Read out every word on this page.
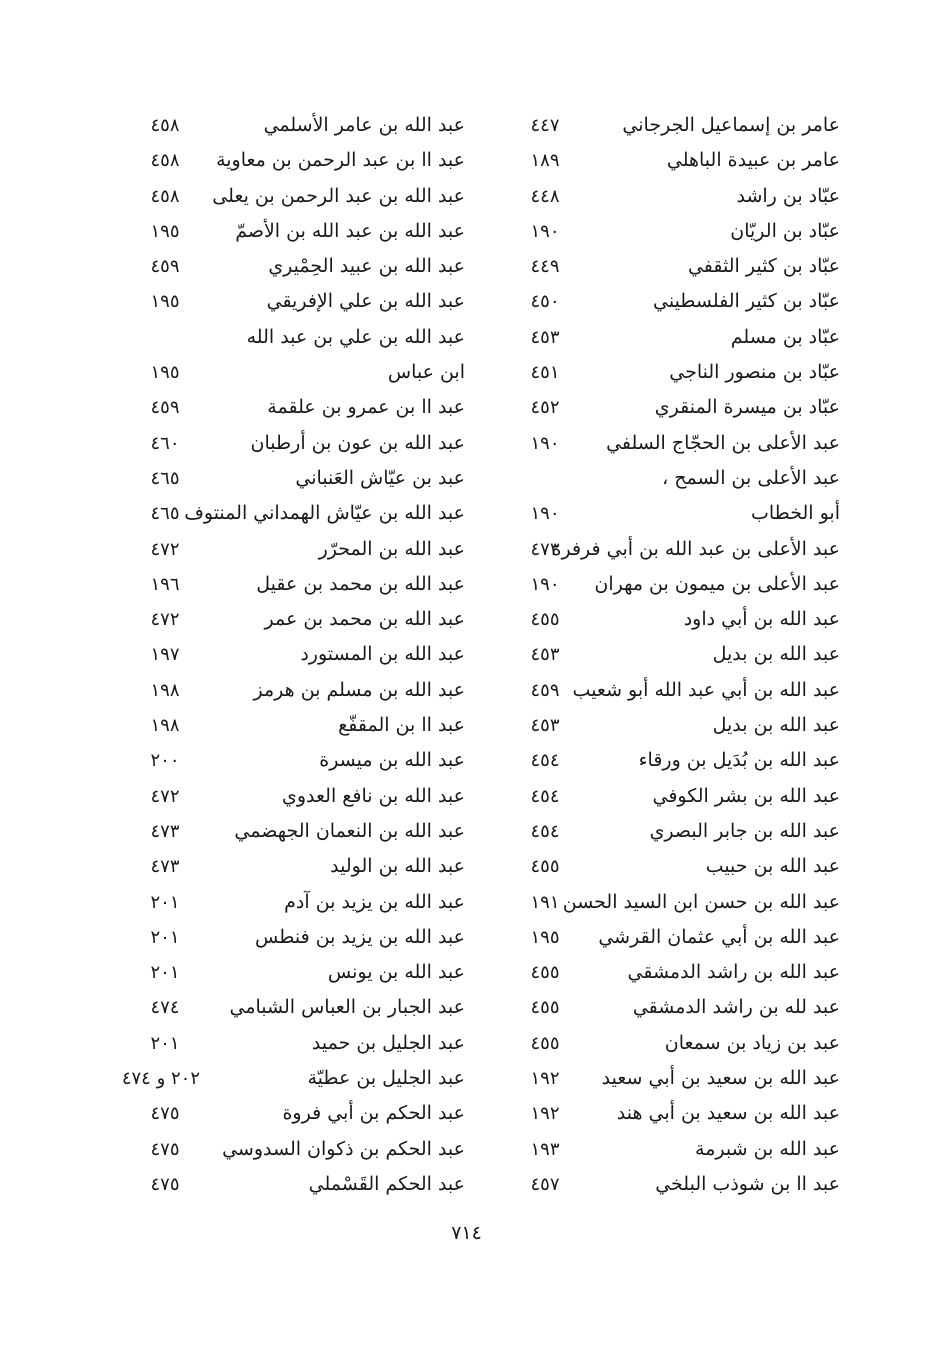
عامر بن إسماعيل الجرجاني
٤٤٧
عامر بن عبيدة الباهلي
١٨٩
عبّاد بن راشد
٤٤٨
عبّاد بن الريّان
١٩٠
عبّاد بن كثير الثقفي
٤٤٩
عبّاد بن كثير الفلسطيني
٤٥٠
عبّاد بن مسلم
٤٥٣
عبّاد بن منصور الناجي
٤٥١
عبّاد بن ميسرة المنقري
٤٥٢
عبد الأعلى بن الحجّاج السلفي
١٩٠
عبد الأعلى بن السمح ،
أبو الخطاب
١٩٠
عبد الأعلى بن عبد الله بن أبي فرفرة
٤٧٣
عبد الأعلى بن ميمون بن مهران
١٩٠
عبد الله بن أبي داود
٤٥٥
عبد الله بن بديل
٤٥٣
عبد الله بن أبي عبد الله أبو شعيب
٤٥٩
عبد الله بن بديل
٤٥٣
عبد الله بن بُدَيل بن ورقاء
٤٥٤
عبد الله بن بشر الكوفي
٤٥٤
عبد الله بن جابر البصري
٤٥٤
عبد الله بن حبيب
٤٥٥
عبد الله بن حسن ابن السيد الحسن
١٩١
عبد الله بن أبي عثمان القرشي
١٩٥
عبد الله بن راشد الدمشقي
٤٥٥
عبد لله بن راشد الدمشقي
٤٥٥
عبد بن زياد بن سمعان
٤٥٥
عبد الله بن سعيد بن أبي سعيد
١٩٢
عبد الله بن سعيد بن أبي هند
١٩٢
عبد الله بن شبرمة
١٩٣
عبد اا بن شوذب البلخي
٤٥٧
عبد الله بن عامر الأسلمي
٤٥٨
عبد اا بن عبد الرحمن بن معاوية
٤٥٨
عبد الله بن عبد الرحمن بن يعلى
٤٥٨
عبد الله بن عبد الله بن الأصمّ
١٩٥
عبد الله بن عبيد الحِمْيري
٤٥٩
عبد الله بن علي الإفريقي
١٩٥
عبد الله بن علي بن عبد الله
ابن عباس
١٩٥
عبد اا بن عمرو بن علقمة
٤٥٩
عبد الله بن عون بن أرطبان
٤٦٠
عبد بن عيّاش العَنباني
٤٦٥
عبد الله بن عيّاش الهمداني المنتوف
٤٦٥
عبد الله بن المحرّر
٤٧٢
عبد الله بن محمد بن عقيل
١٩٦
عبد الله بن محمد بن عمر
٤٧٢
عبد الله بن المستورد
١٩٧
عبد الله بن مسلم بن هرمز
١٩٨
عبد اا بن المقفّع
١٩٨
عبد الله بن ميسرة
٢٠٠
عبد الله بن نافع العدوي
٤٧٢
عبد الله بن النعمان الجهضمي
٤٧٣
عبد الله بن الوليد
٤٧٣
عبد الله بن يزيد بن آدم
٢٠١
عبد الله بن يزيد بن فنطس
٢٠١
عبد الله بن يونس
٢٠١
عبد الجبار بن العباس الشبامي
٤٧٤
عبد الجليل بن حميد
٢٠١
عبد الجليل بن عطيّة
٢٠٢ و ٤٧٤
عبد الحكم بن أبي فروة
٤٧٥
عبد الحكم بن ذكوان السدوسي
٤٧٥
عبد الحكم القَسْملي
٤٧٥
٧١٤
